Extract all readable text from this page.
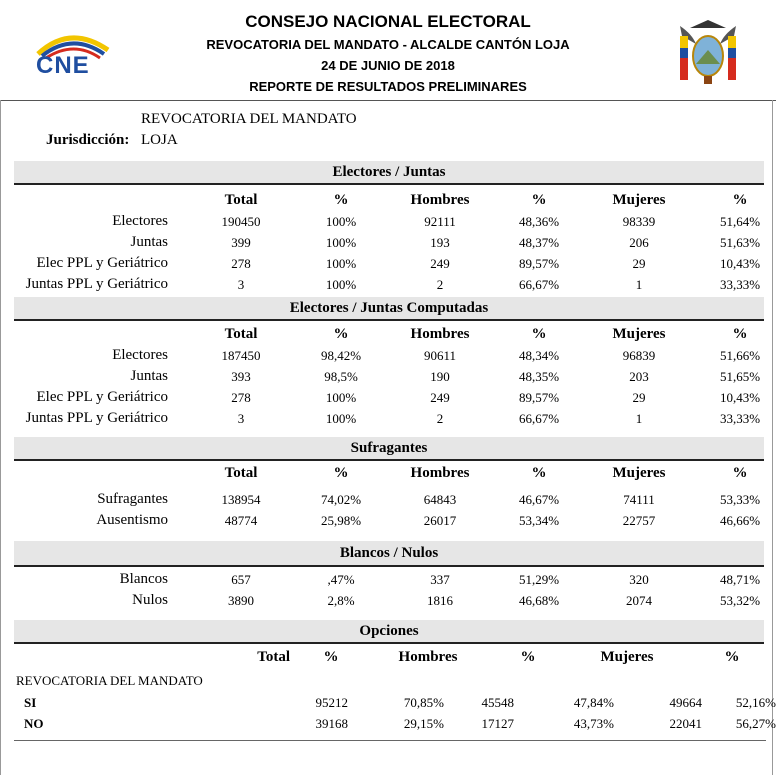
CNE
CONSEJO NACIONAL ELECTORAL
REVOCATORIA DEL MANDATO - ALCALDE CANTÓN LOJA
24 DE JUNIO DE 2018
REPORTE DE RESULTADOS PRELIMINARES
REVOCATORIA DEL MANDATO
Jurisdicción: LOJA
Electores / Juntas
	Total	%	Hombres	%	Mujeres	%
Electores	190450	100%	92111	48,36%	98339	51,64%
Juntas	399	100%	193	48,37%	206	51,63%
Elec PPL y Geriátrico	278	100%	249	89,57%	29	10,43%
Juntas PPL y Geriátrico	3	100%	2	66,67%	1	33,33%
Electores / Juntas Computadas
	Total	%	Hombres	%	Mujeres	%
Electores	187450	98,42%	90611	48,34%	96839	51,66%
Juntas	393	98,5%	190	48,35%	203	51,65%
Elec PPL y Geriátrico	278	100%	249	89,57%	29	10,43%
Juntas PPL y Geriátrico	3	100%	2	66,67%	1	33,33%
Sufragantes
	Total	%	Hombres	%	Mujeres	%

Sufragantes	138954	74,02%	64843	46,67%	74111	53,33%
Ausentismo	48774	25,98%	26017	53,34%	22757	46,66%
Blancos / Nulos
Blancos	657	,47%	337	51,29%	320	48,71%
Nulos	3890	2,8%	1816	46,68%	2074	53,32%
Opciones
Total	%	Hombres	%	Mujeres	%
REVOCATORIA DEL MANDATO
SI	95212	70,85%	45548	47,84%	49664	52,16%
NO	39168	29,15%	17127	43,73%	22041	56,27%
